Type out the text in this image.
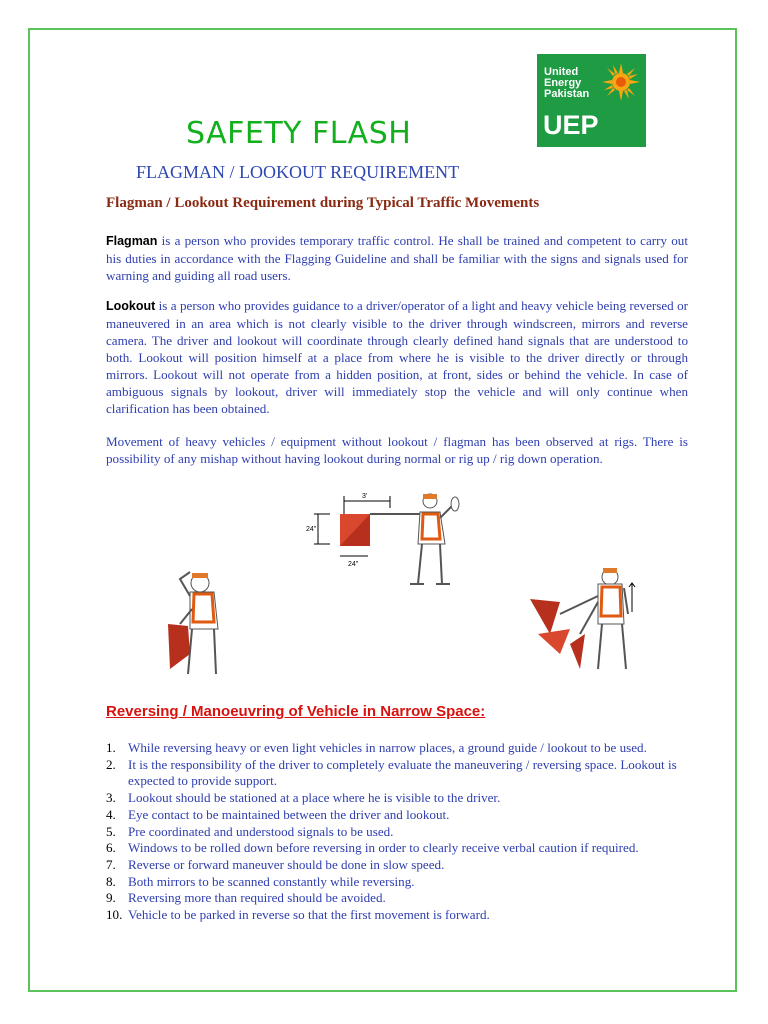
United
Energy
Pakistan
UEP
SAFETY FLASH
FLAGMAN / LOOKOUT REQUIREMENT
Flagman / Lookout Requirement during Typical Traffic Movements

Flagman is a person who provides temporary traffic control. He shall be trained and competent to carry out his duties in accordance with the Flagging Guideline and shall be familiar with the signs and signals used for warning and guiding all road users.

Lookout is a person who provides guidance to a driver/operator of a light and heavy vehicle being reversed or maneuvered in an area which is not clearly visible to the driver through windscreen, mirrors and reverse camera. The driver and lookout will coordinate through clearly defined hand signals that are understood to both. Lookout will position himself at a place from where he is visible to the driver directly or through mirrors. Lookout will not operate from a hidden position, at front, sides or behind the vehicle. In case of ambiguous signals by lookout, driver will immediately stop the vehicle and will only continue when clarification has been obtained.

Movement of heavy vehicles / equipment without lookout / flagman has been observed at rigs. There is possibility of any mishap without having lookout during normal or rig up / rig down operation.

3'
24"
24"
Reversing / Manoeuvring of Vehicle in Narrow Space:
1. While reversing heavy or even light vehicles in narrow places, a ground guide / lookout to be used.
2. It is the responsibility of the driver to completely evaluate the maneuvering / reversing space. Lookout is expected to provide support.
3. Lookout should be stationed at a place where he is visible to the driver.
4. Eye contact to be maintained between the driver and lookout.
5. Pre coordinated and understood signals to be used.
6. Windows to be rolled down before reversing in order to clearly receive verbal caution if required.
7. Reverse or forward maneuver should be done in slow speed.
8. Both mirrors to be scanned constantly while reversing.
9. Reversing more than required should be avoided.
10. Vehicle to be parked in reverse so that the first movement is forward.
